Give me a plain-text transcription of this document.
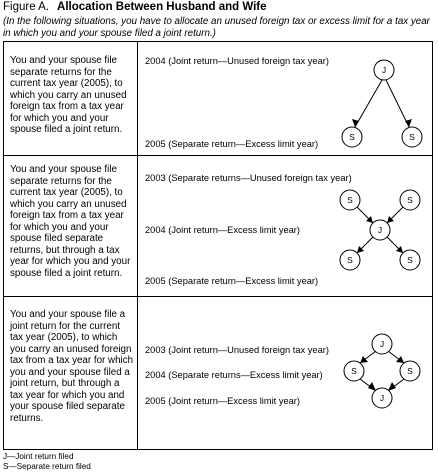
Figure A. Allocation Between Husband and Wife
(In the following situations, you have to allocate an unused foreign tax or excess limit for a tax year in which you and your spouse filed a joint return.)
You and your spouse file separate returns for the current tax year (2005), to which you carry an unused foreign tax from a tax year for which you and your spouse filed a joint return.
2004 (Joint return—Unused foreign tax year)
2005 (Separate return—Excess limit year)
J
S	S
You and your spouse file separate returns for the current tax year (2005), to which you carry an unused foreign tax from a tax year for which you and your spouse filed separate returns, but through a tax year for which you and your spouse filed a joint return.
2003 (Separate returns—Unused foreign tax year)
2004 (Joint return—Excess limit year)
2005 (Separate return—Excess limit year)
S	S
J
S	S
You and your spouse file a joint return for the current tax year (2005), to which you carry an unused foreign tax from a tax year for which you and your spouse filed a joint return, but through a tax year for which you and your spouse filed separate returns.
2003 (Joint return—Unused foreign tax year)
2004 (Separate returns—Excess limit year)
2005 (Joint return—Excess limit year)
J
S	S
J
J—Joint return filed
S—Separate return filed
